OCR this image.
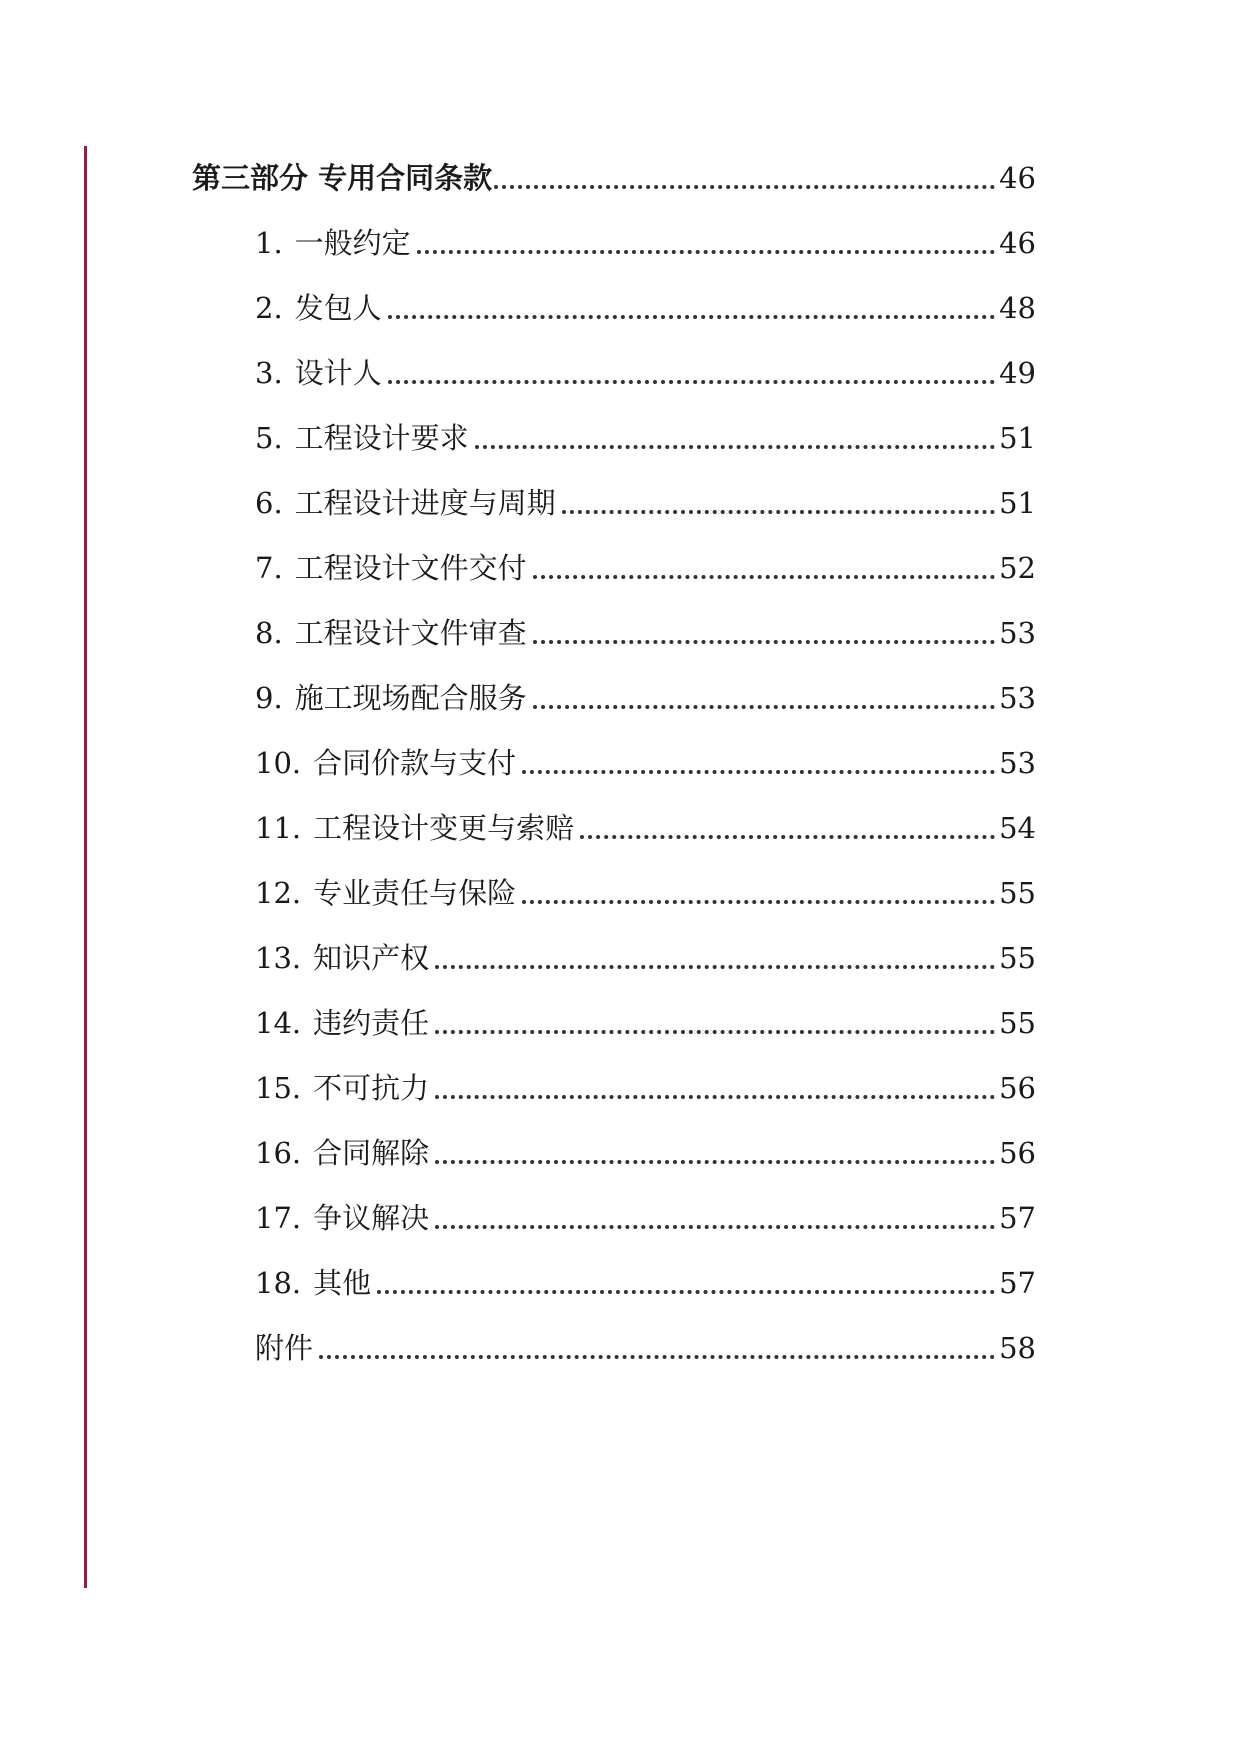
第三部分 专用合同条款	46
1. 一般约定	46
2. 发包人	48
3. 设计人	49
5. 工程设计要求	51
6. 工程设计进度与周期	51
7. 工程设计文件交付	52
8. 工程设计文件审查	53
9. 施工现场配合服务	53
10. 合同价款与支付	53
11. 工程设计变更与索赔	54
12. 专业责任与保险	55
13. 知识产权	55
14. 违约责任	55
15. 不可抗力	56
16. 合同解除	56
17. 争议解决	57
18. 其他	57
附件	58
